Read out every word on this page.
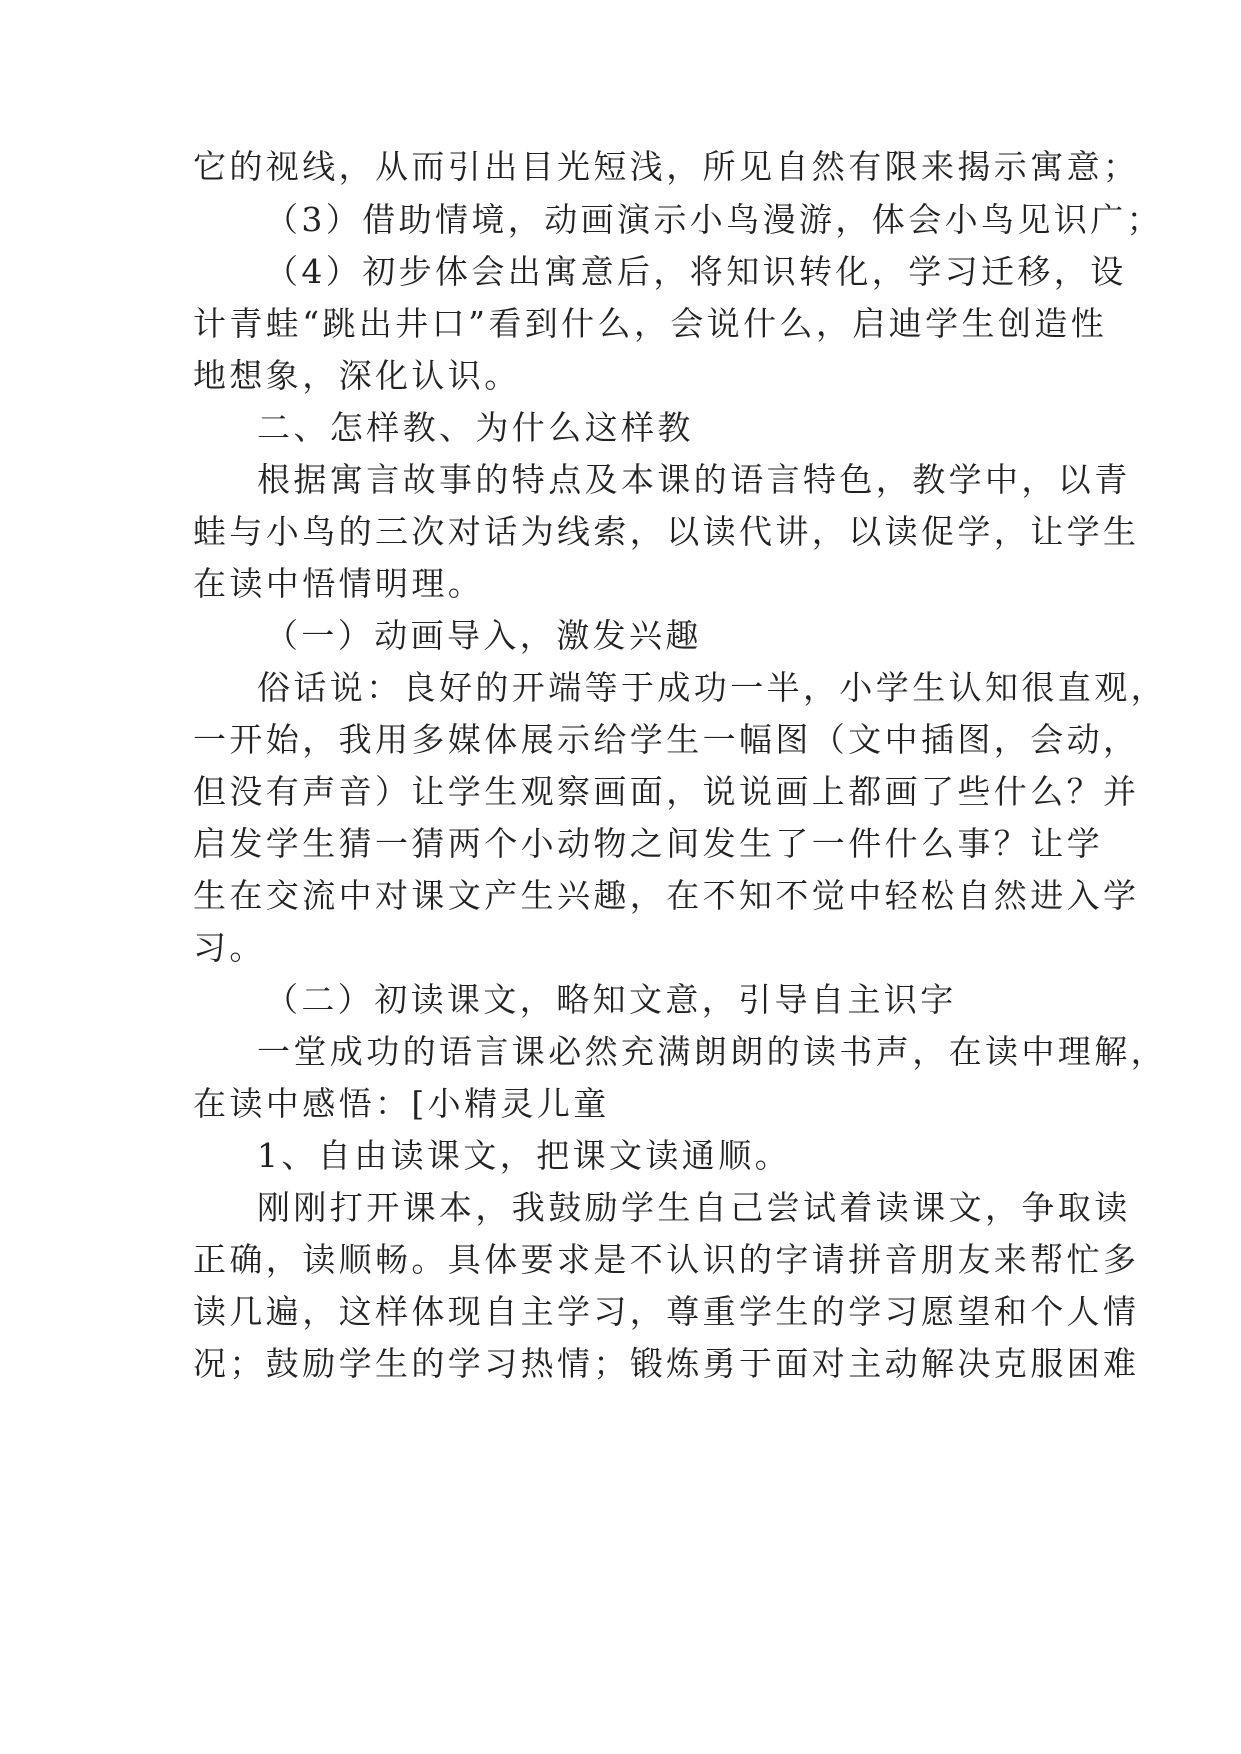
它的视线，从而引出目光短浅，所见自然有限来揭示寓意；
（3）借助情境，动画演示小鸟漫游，体会小鸟见识广；
（4）初步体会出寓意后，将知识转化，学习迁移，设
计青蛙“跳出井口”看到什么，会说什么，启迪学生创造性
地想象，深化认识。
二、怎样教、为什么这样教
根据寓言故事的特点及本课的语言特色，教学中，以青
蛙与小鸟的三次对话为线索，以读代讲，以读促学，让学生
在读中悟情明理。
（一）动画导入，激发兴趣
俗话说：良好的开端等于成功一半，小学生认知很直观，
一开始，我用多媒体展示给学生一幅图（文中插图，会动，
但没有声音）让学生观察画面，说说画上都画了些什么？并
启发学生猜一猜两个小动物之间发生了一件什么事？让学
生在交流中对课文产生兴趣，在不知不觉中轻松自然进入学
习。
（二）初读课文，略知文意，引导自主识字
一堂成功的语言课必然充满朗朗的读书声，在读中理解，
在读中感悟：[小精灵儿童
1、自由读课文，把课文读通顺。
刚刚打开课本，我鼓励学生自己尝试着读课文，争取读
正确，读顺畅。具体要求是不认识的字请拼音朋友来帮忙多
读几遍，这样体现自主学习，尊重学生的学习愿望和个人情
况；鼓励学生的学习热情；锻炼勇于面对主动解决克服困难
